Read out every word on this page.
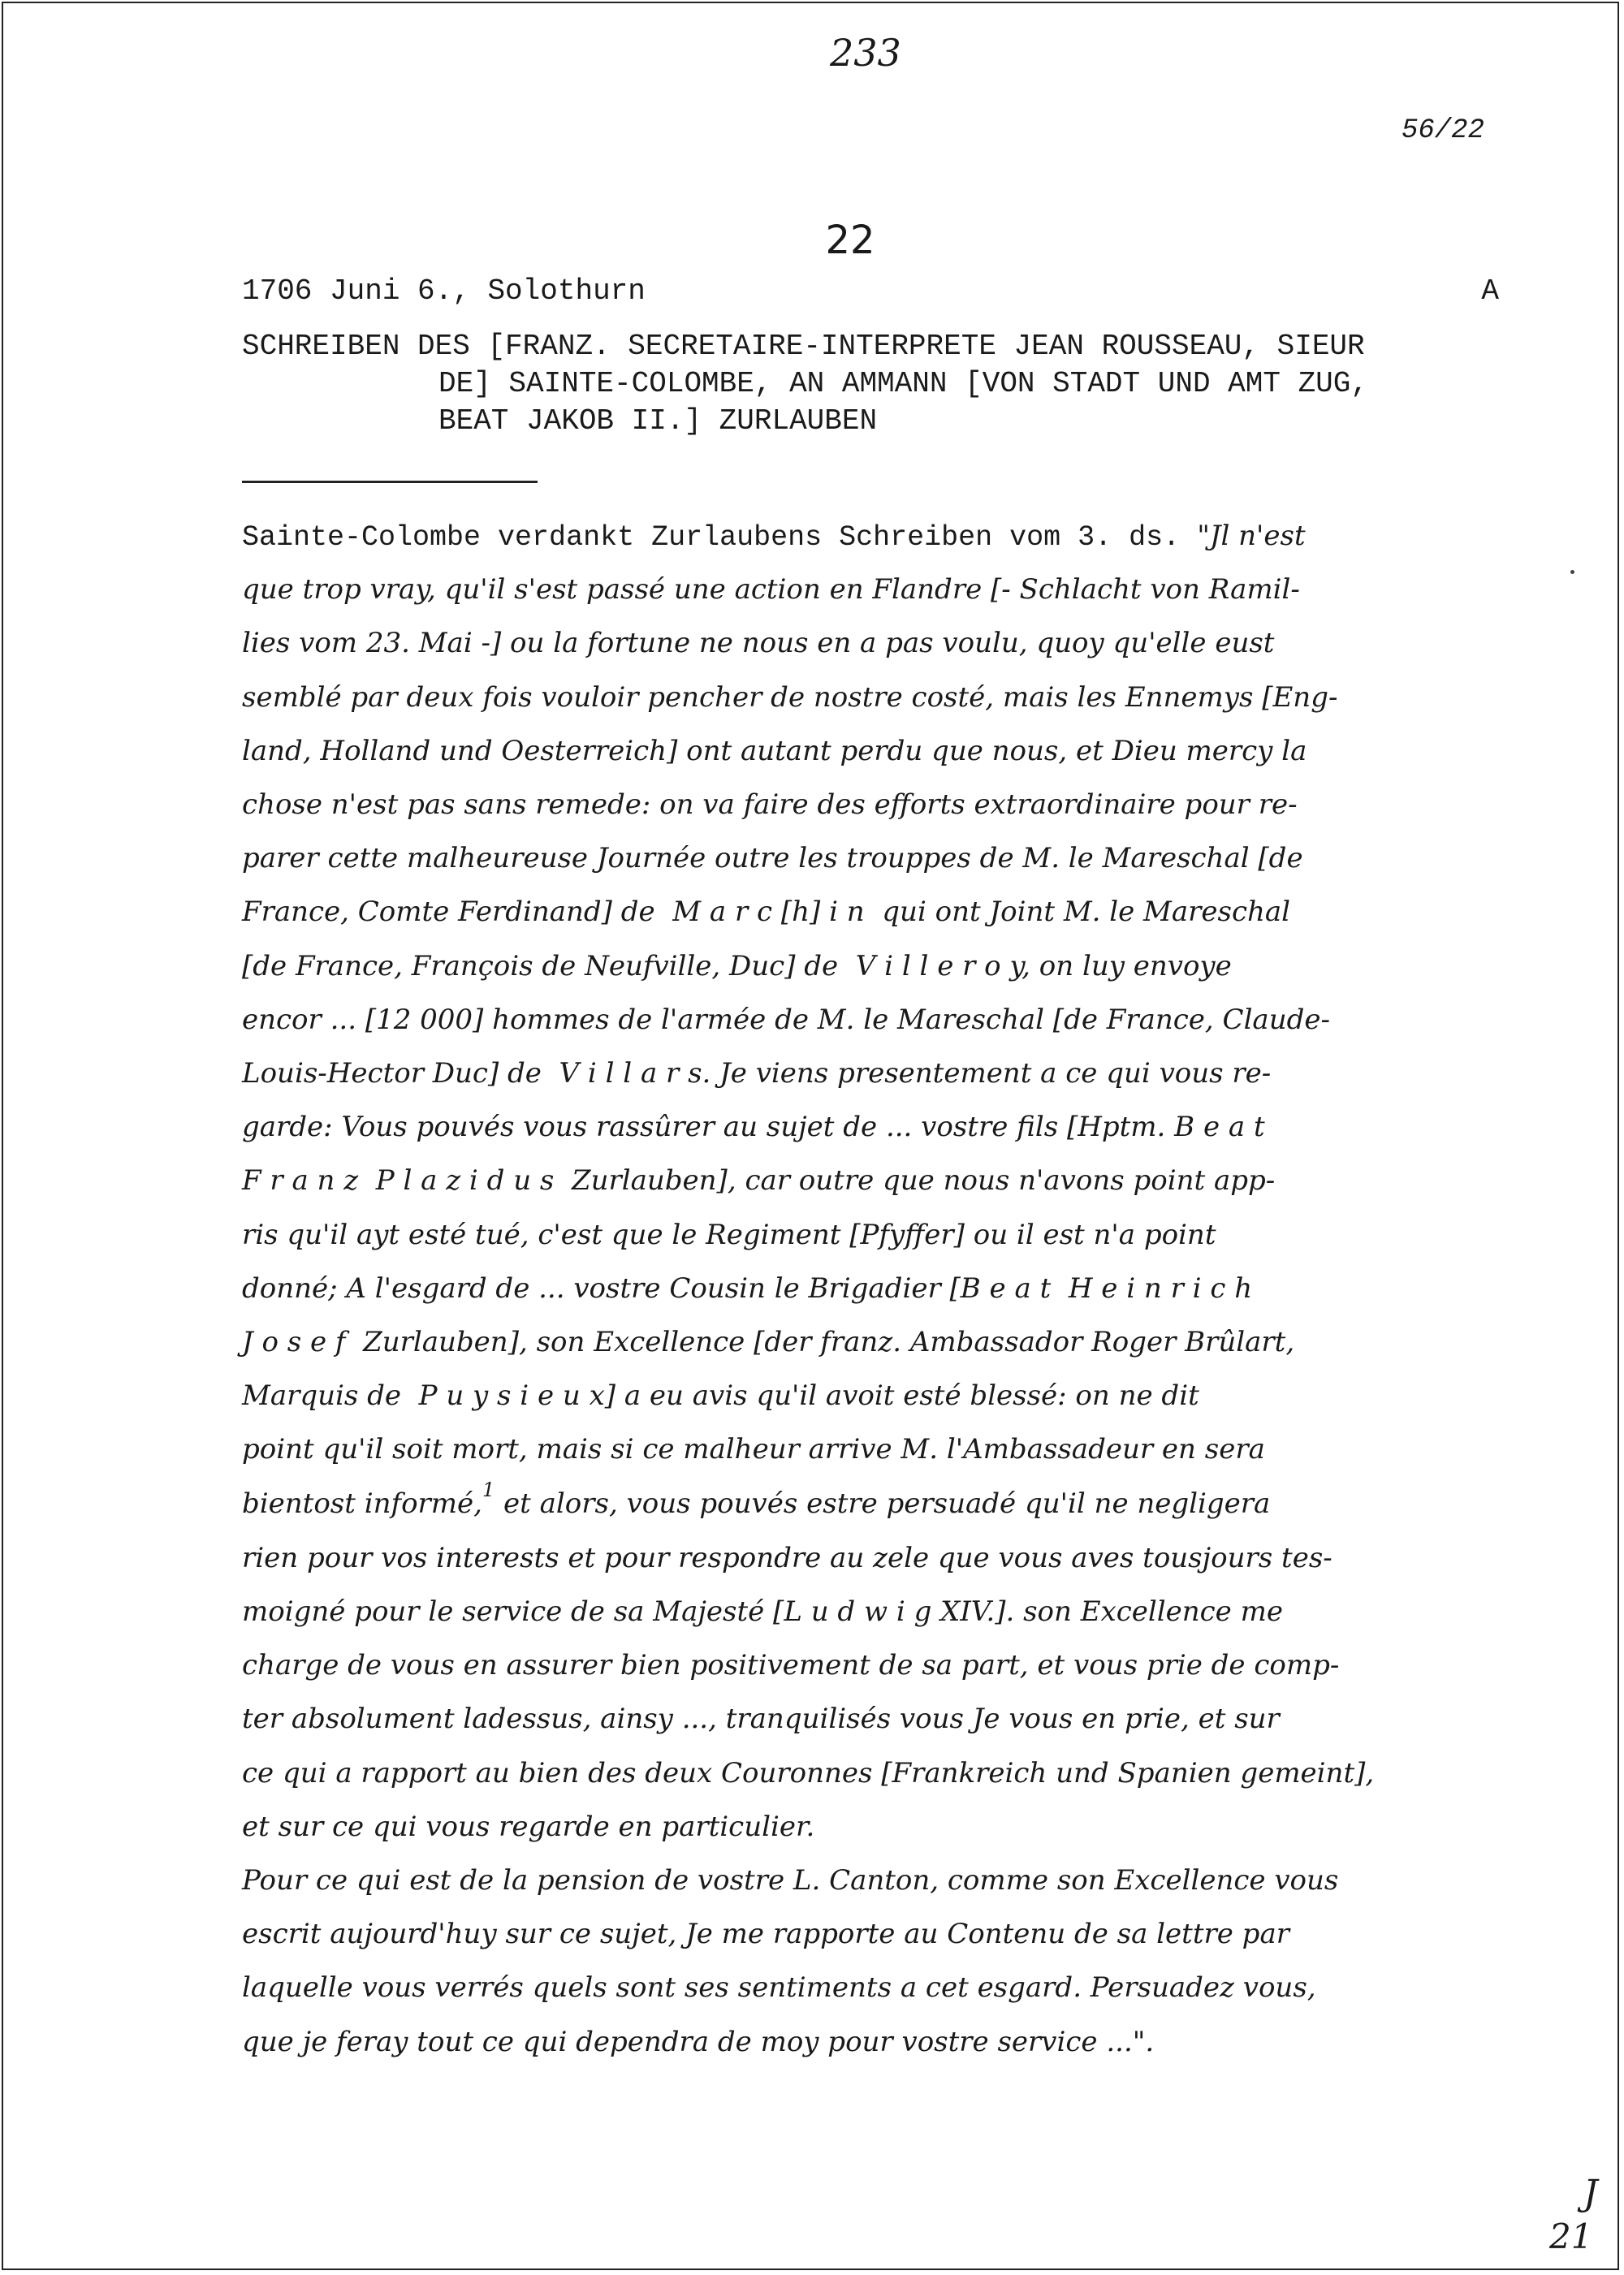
233
56/22
22
1706 Juni 6., Solothurn	A
SCHREIBEN DES [FRANZ. SECRETAIRE-INTERPRETE JEAN ROUSSEAU, SIEUR
DE] SAINTE-COLOMBE, AN AMMANN [VON STADT UND AMT ZUG,
BEAT JAKOB II.] ZURLAUBEN
Sainte-Colombe verdankt Zurlaubens Schreiben vom 3. ds. "Jl n'est
que trop vray, qu'il s'est passé une action en Flandre [- Schlacht von Ramil-
lies vom 23. Mai -] ou la fortune ne nous en a pas voulu, quoy qu'elle eust
semblé par deux fois vouloir pencher de nostre costé, mais les Ennemys [Eng-
land, Holland und Oesterreich] ont autant perdu que nous, et Dieu mercy la
chose n'est pas sans remede: on va faire des efforts extraordinaire pour re-
parer cette malheureuse Journée outre les trouppes de M. le Mareschal [de
France, Comte Ferdinand] de  M a r c [h] i n  qui ont Joint M. le Mareschal
[de France, François de Neufville, Duc] de  V i l l e r o y, on luy envoye
encor ... [12 000] hommes de l'armée de M. le Mareschal [de France, Claude-
Louis-Hector Duc] de  V i l l a r s. Je viens presentement a ce qui vous re-
garde: Vous pouvés vous rassûrer au sujet de ... vostre fils [Hptm. B e a t
F r a n z  P l a z i d u s  Zurlauben], car outre que nous n'avons point app-
ris qu'il ayt esté tué, c'est que le Regiment [Pfyffer] ou il est n'a point
donné; A l'esgard de ... vostre Cousin le Brigadier [B e a t  H e i n r i c h
J o s e f  Zurlauben], son Excellence [der franz. Ambassador Roger Brûlart,
Marquis de  P u y s i e u x] a eu avis qu'il avoit esté blessé: on ne dit
point qu'il soit mort, mais si ce malheur arrive M. l'Ambassadeur en sera
bientost informé,$^1$ et alors, vous pouvés estre persuadé qu'il ne negligera
rien pour vos interests et pour respondre au zele que vous aves tousjours tes-
moigné pour le service de sa Majesté [L u d w i g XIV.]. son Excellence me
charge de vous en assurer bien positivement de sa part, et vous prie de comp-
ter absolument ladessus, ainsy ..., tranquilisés vous Je vous en prie, et sur
ce qui a rapport au bien des deux Couronnes [Frankreich und Spanien gemeint],
et sur ce qui vous regarde en particulier.
Pour ce qui est de la pension de vostre L. Canton, comme son Excellence vous
escrit aujourd'huy sur ce sujet, Je me rapporte au Contenu de sa lettre par
laquelle vous verrés quels sont ses sentiments a cet esgard. Persuadez vous,
que je feray tout ce qui dependra de moy pour vostre service ...".
J
21
